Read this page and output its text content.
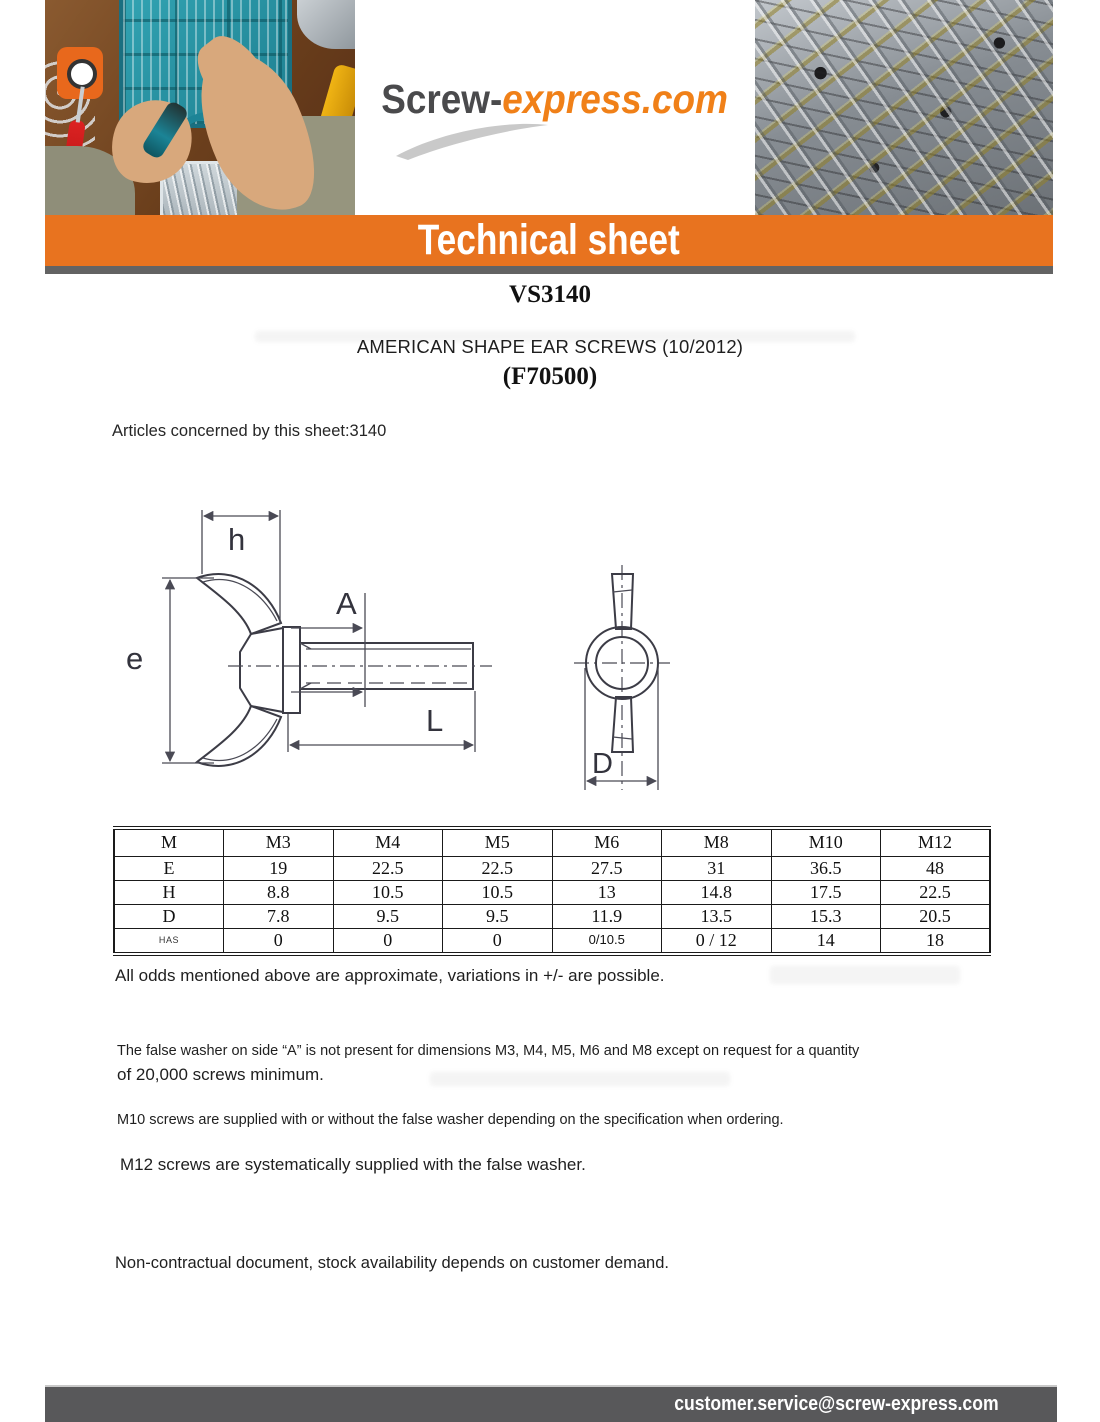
Screw-express.com
Technical sheet
VS3140
AMERICAN SHAPE EAR SCREWS (10/2012)
(F70500)
Articles concerned by this sheet:3140
h
e
A
L
D
M	M3	M4	M5	M6	M8	M10	M12
E	19	22.5	22.5	27.5	31	36.5	48
H	8.8	10.5	10.5	13	14.8	17.5	22.5
D	7.8	9.5	9.5	11.9	13.5	15.3	20.5
HAS	0	0	0	0/10.5	0 / 12	14	18
All odds mentioned above are approximate, variations in +/- are possible.
The false washer on side “A” is not present for dimensions M3, M4, M5, M6 and M8 except on request for a quantity
of 20,000 screws minimum.
M10 screws are supplied with or without the false washer depending on the specification when ordering.
M12 screws are systematically supplied with the false washer.
Non-contractual document, stock availability depends on customer demand.
customer.service@screw-express.com
